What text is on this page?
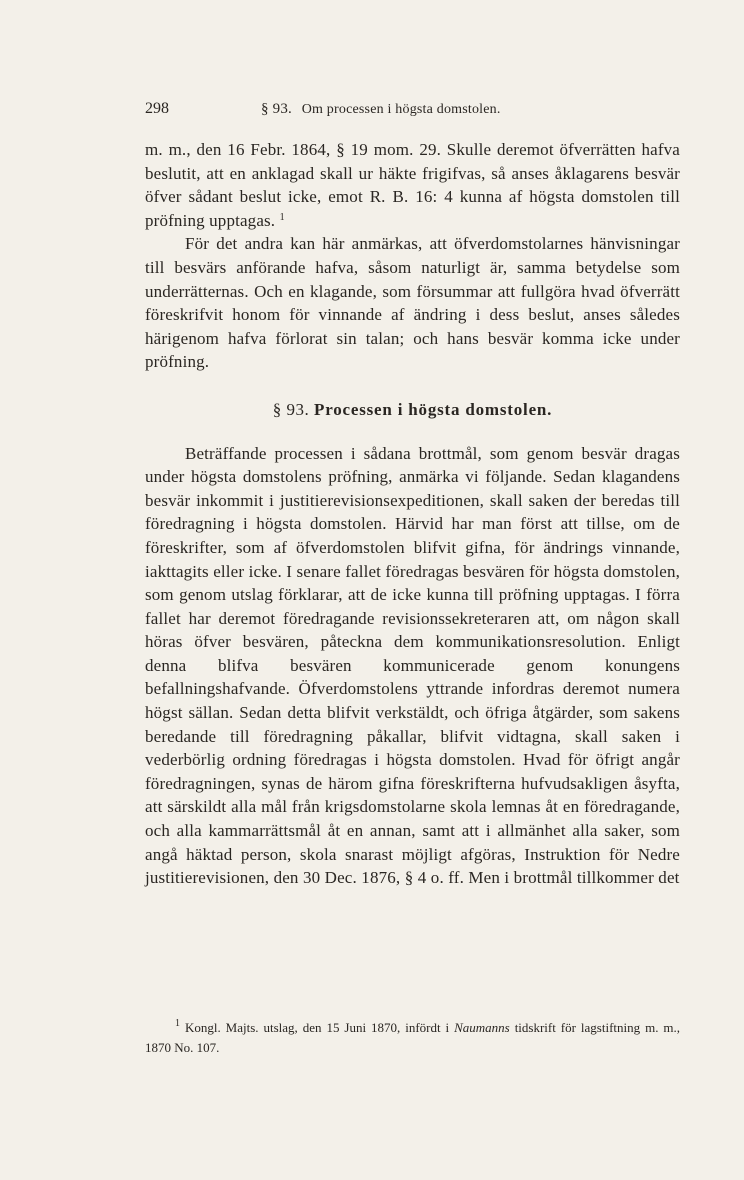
298	§ 93. Om processen i högsta domstolen.

m. m., den 16 Febr. 1864, § 19 mom. 29. Skulle deremot öfverrätten hafva beslutit, att en anklagad skall ur häkte frigifvas, så anses åklagarens besvär öfver sådant beslut icke, emot R. B. 16: 4 kunna af högsta domstolen till pröfning upptagas. $^1$

För det andra kan här anmärkas, att öfverdomstolarnes hänvisningar till besvärs anförande hafva, såsom naturligt är, samma betydelse som underrätternas. Och en klagande, som försummar att fullgöra hvad öfverrätt föreskrifvit honom för vinnande af ändring i dess beslut, anses således härigenom hafva förlorat sin talan; och hans besvär komma icke under pröfning.

§ 93. Processen i högsta domstolen.

Beträffande processen i sådana brottmål, som genom besvär dragas under högsta domstolens pröfning, anmärka vi följande. Sedan klagandens besvär inkommit i justitierevisionsexpeditionen, skall saken der beredas till föredragning i högsta domstolen. Härvid har man först att tillse, om de föreskrifter, som af öfverdomstolen blifvit gifna, för ändrings vinnande, iakttagits eller icke. I senare fallet föredragas besvären för högsta domstolen, som genom utslag förklarar, att de icke kunna till pröfning upptagas. I förra fallet har deremot föredragande revisionssekreteraren att, om någon skall höras öfver besvären, påteckna dem kommunikationsresolution. Enligt denna blifva besvären kommunicerade genom konungens befallningshafvande. Öfverdomstolens yttrande infordras deremot numera högst sällan. Sedan detta blifvit verkstäldt, och öfriga åtgärder, som sakens beredande till föredragning påkallar, blifvit vidtagna, skall saken i vederbörlig ordning föredragas i högsta domstolen. Hvad för öfrigt angår föredragningen, synas de härom gifna föreskrifterna hufvudsakligen åsyfta, att särskildt alla mål från krigsdomstolarne skola lemnas åt en föredragande, och alla kammarrättsmål åt en annan, samt att i allmänhet alla saker, som angå häktad person, skola snarast möjligt afgöras, Instruktion för Nedre justitierevisionen, den 30 Dec. 1876, § 4 o. ff. Men i brottmål tillkommer det

$^1$ Kongl. Majts. utslag, den 15 Juni 1870, infördt i Naumanns tidskrift för lagstiftning m. m., 1870 No. 107.
